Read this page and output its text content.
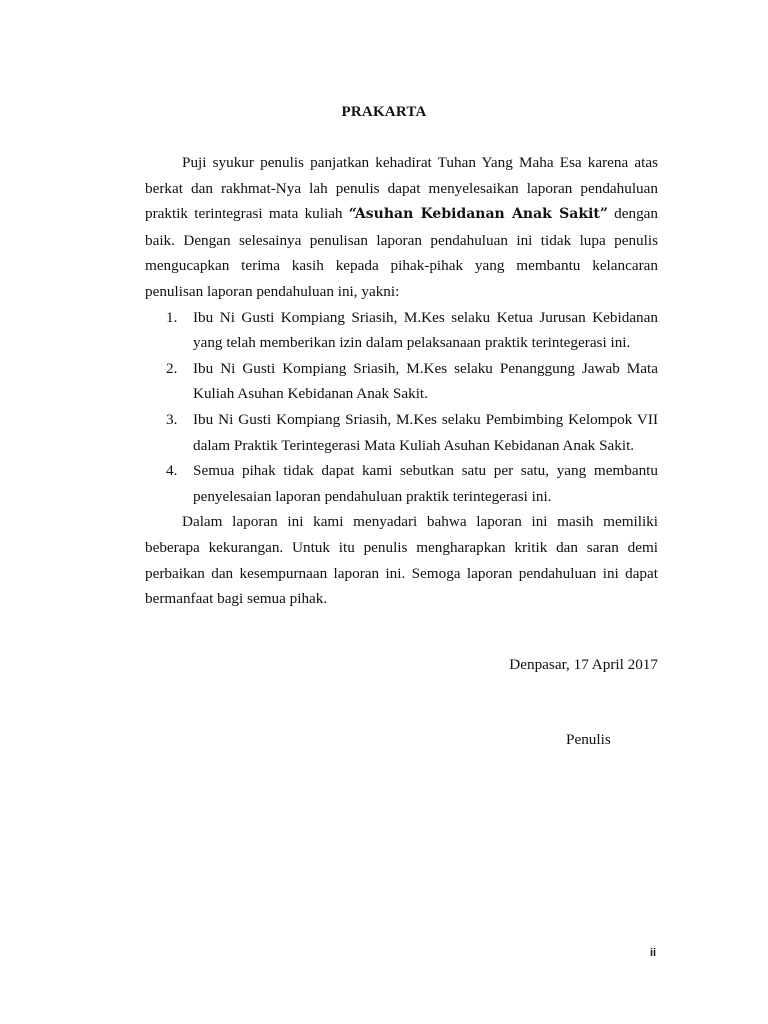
PRAKARTA

Puji syukur penulis panjatkan kehadirat Tuhan Yang Maha Esa karena atas berkat dan rakhmat-Nya lah penulis dapat menyelesaikan laporan pendahuluan praktik terintegrasi mata kuliah “Asuhan Kebidanan Anak Sakit” dengan baik. Dengan selesainya penulisan laporan pendahuluan ini tidak lupa penulis mengucapkan terima kasih kepada pihak-pihak yang membantu kelancaran penulisan laporan pendahuluan ini, yakni:

1. Ibu Ni Gusti Kompiang Sriasih, M.Kes selaku Ketua Jurusan Kebidanan yang telah memberikan izin dalam pelaksanaan praktik terintegerasi ini.
2. Ibu Ni Gusti Kompiang Sriasih, M.Kes selaku Penanggung Jawab Mata Kuliah Asuhan Kebidanan Anak Sakit.
3. Ibu Ni Gusti Kompiang Sriasih, M.Kes selaku Pembimbing Kelompok VII dalam Praktik Terintegerasi Mata Kuliah Asuhan Kebidanan Anak Sakit.
4. Semua pihak tidak dapat kami sebutkan satu per satu, yang membantu penyelesaian laporan pendahuluan praktik terintegerasi ini.

Dalam laporan ini kami menyadari bahwa laporan ini masih memiliki beberapa kekurangan. Untuk itu penulis mengharapkan kritik dan saran demi perbaikan dan kesempurnaan laporan ini. Semoga laporan pendahuluan ini dapat bermanfaat bagi semua pihak.

Denpasar, 17 April 2017
Penulis
ii
